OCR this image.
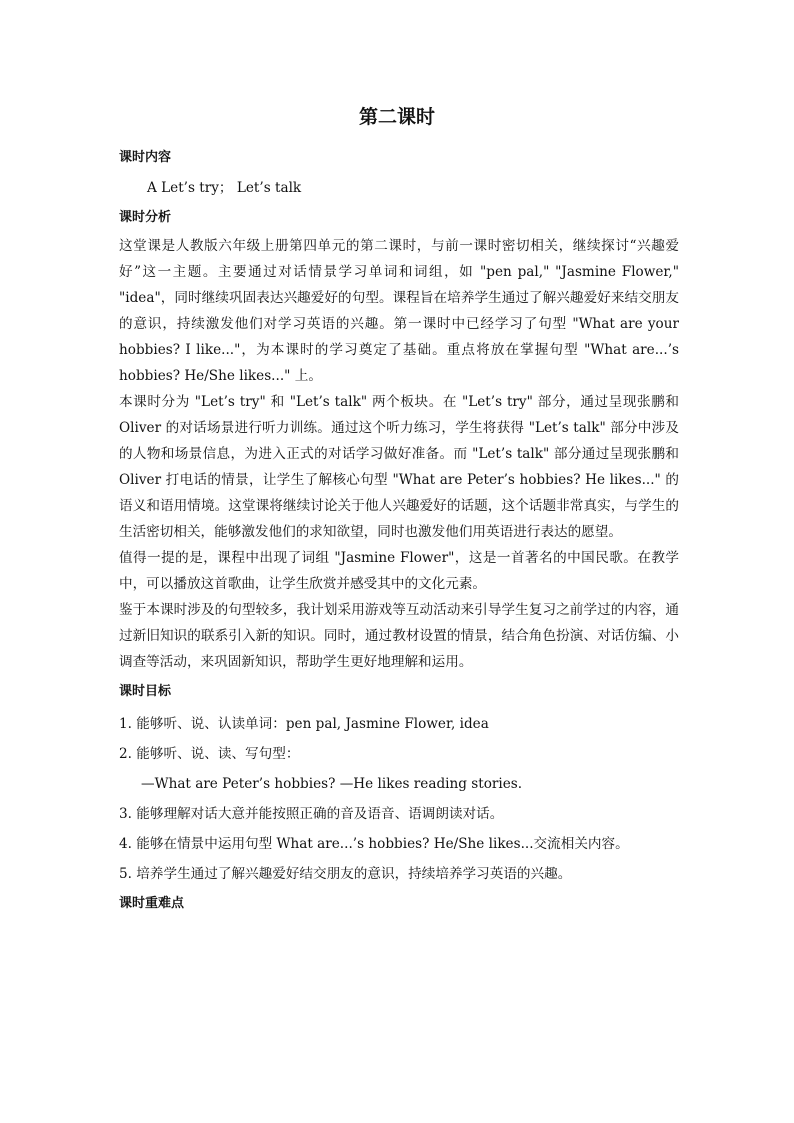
第二课时

课时内容

A Let’s try； Let’s talk

课时分析

这堂课是人教版六年级上册第四单元的第二课时，与前一课时密切相关，继续探讨“兴趣爱好”这一主题。主要通过对话情景学习单词和词组，如 "pen pal," "Jasmine Flower," "idea"，同时继续巩固表达兴趣爱好的句型。课程旨在培养学生通过了解兴趣爱好来结交朋友的意识，持续激发他们对学习英语的兴趣。第一课时中已经学习了句型 "What are your hobbies? I like..."，为本课时的学习奠定了基础。重点将放在掌握句型 "What are...’s hobbies? He/She likes..." 上。

本课时分为 "Let’s try" 和 "Let’s talk" 两个板块。在 "Let’s try" 部分，通过呈现张鹏和 Oliver 的对话场景进行听力训练。通过这个听力练习，学生将获得 "Let’s talk" 部分中涉及的人物和场景信息，为进入正式的对话学习做好准备。而 "Let’s talk" 部分通过呈现张鹏和 Oliver 打电话的情景，让学生了解核心句型 "What are Peter’s hobbies? He likes..." 的语义和语用情境。这堂课将继续讨论关于他人兴趣爱好的话题，这个话题非常真实，与学生的生活密切相关，能够激发他们的求知欲望，同时也激发他们用英语进行表达的愿望。

值得一提的是，课程中出现了词组 "Jasmine Flower"，这是一首著名的中国民歌。在教学中，可以播放这首歌曲，让学生欣赏并感受其中的文化元素。

鉴于本课时涉及的句型较多，我计划采用游戏等互动活动来引导学生复习之前学过的内容，通过新旧知识的联系引入新的知识。同时，通过教材设置的情景，结合角色扮演、对话仿编、小调查等活动，来巩固新知识，帮助学生更好地理解和运用。

课时目标

1. 能够听、说、认读单词：pen pal, Jasmine Flower, idea
2. 能够听、说、读、写句型：
—What are Peter’s hobbies? —He likes reading stories.
3. 能够理解对话大意并能按照正确的音及语音、语调朗读对话。
4. 能够在情景中运用句型 What are...’s hobbies? He/She likes...交流相关内容。
5. 培养学生通过了解兴趣爱好结交朋友的意识，持续培养学习英语的兴趣。

课时重难点
